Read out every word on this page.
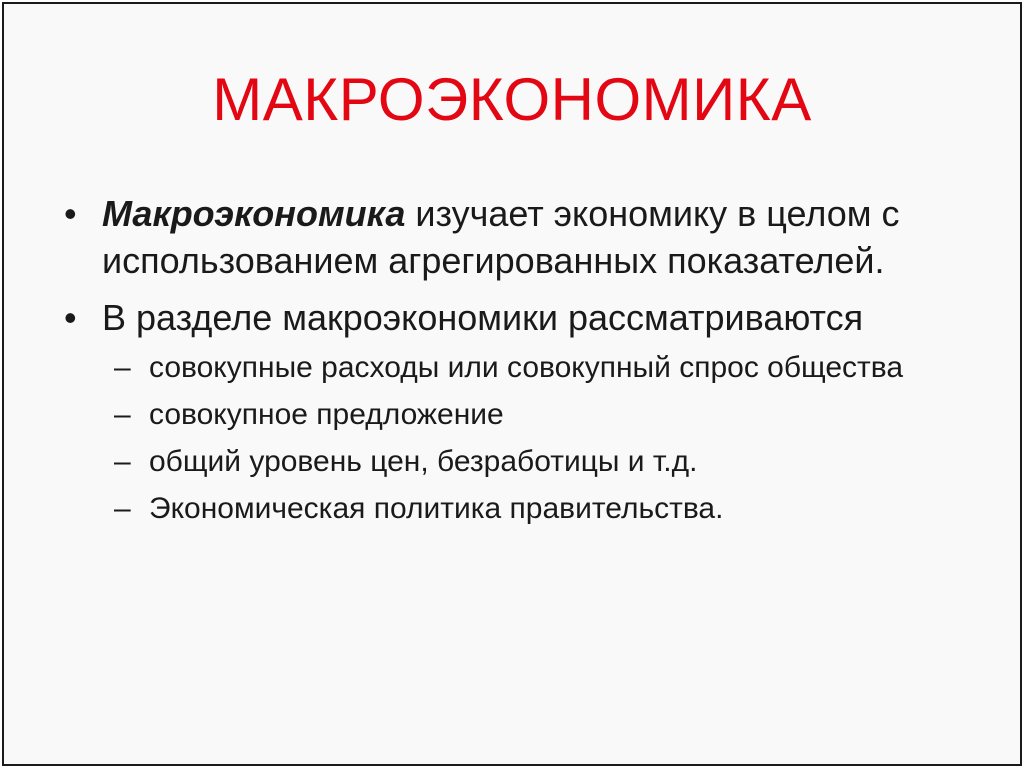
МАКРОЭКОНОМИКА
• Макроэкономика изучает экономику в целом с использованием агрегированных показателей.
• В разделе макроэкономики рассматриваются
– совокупные расходы или совокупный спрос общества
– совокупное предложение
– общий уровень цен, безработицы и т.д.
– Экономическая политика правительства.
